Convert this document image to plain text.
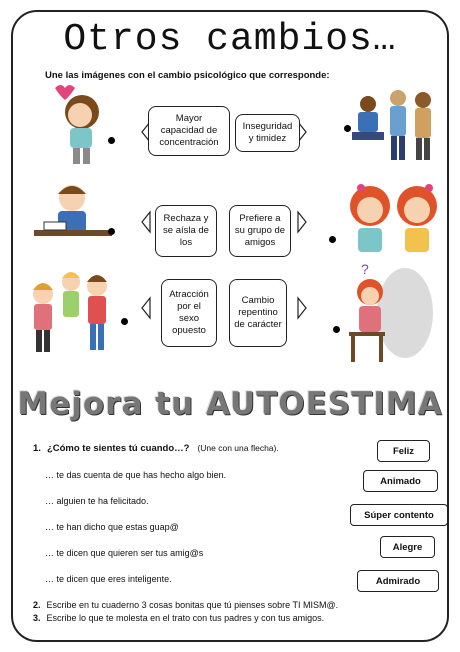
Otros cambios…
Une las imágenes con el cambio psicológico que corresponde:
?
Mayor capacidad de concentración
Inseguridad y timidez
Rechaza y se aísla de los
Prefiere a su grupo de amigos
Atracción por el sexo opuesto
Cambio repentino de carácter
Mejora tu AUTOESTIMA
1. ¿Cómo te sientes tú cuando…? (Une con una flecha).
… te das cuenta de que has hecho algo bien.
… alguien te ha felicitado.
… te han dicho que estas guap@
… te dicen que quieren ser tus amig@s
… te dicen que eres inteligente.
Feliz
Animado
Súper contento
Alegre
Admirado
2. Escribe en tu cuaderno 3 cosas bonitas que tú pienses sobre TI MISM@.
3. Escribe lo que te molesta en el trato con tus padres y con tus amigos.
